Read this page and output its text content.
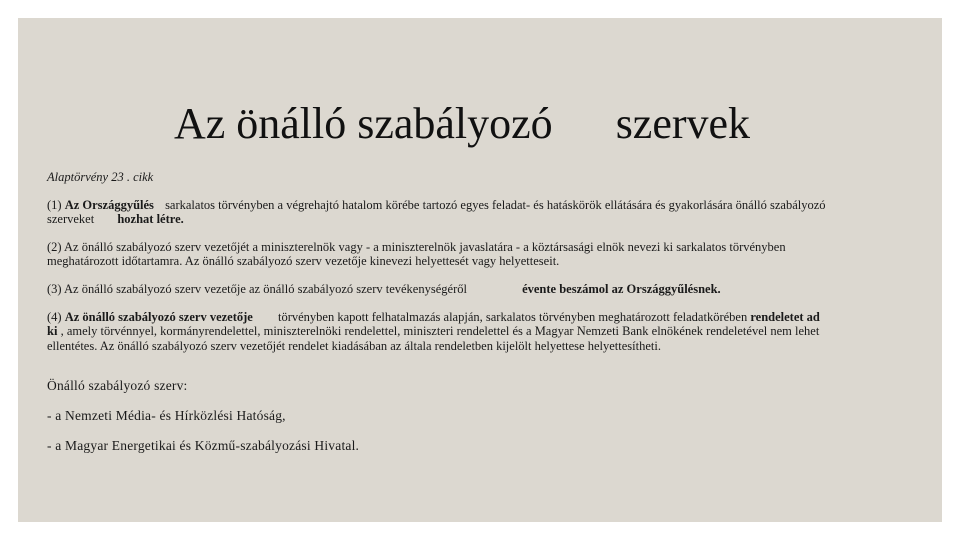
Az önálló szabályozó szervek
Alaptörvény 23 . cikk
(1) Az Országgyűlés sarkalatos törvényben a végrehajtó hatalom körébe tartozó egyes feladat- és hatáskörök ellátására és gyakorlására önálló szabályozó szerveket hozhat létre.
(2) Az önálló szabályozó szerv vezetőjét a miniszterelnök vagy - a miniszterelnök javaslatára - a köztársasági elnök nevezi ki sarkalatos törvényben meghatározott időtartamra. Az önálló szabályozó szerv vezetője kinevezi helyettesét vagy helyetteseit.
(3) Az önálló szabályozó szerv vezetője az önálló szabályozó szerv tevékenységéről	évente beszámol az Országgyűlésnek.
(4) Az önálló szabályozó szerv vezetője törvényben kapott felhatalmazás alapján, sarkalatos törvényben meghatározott feladatkörében rendeletet ad ki , amely törvénnyel, kormányrendelettel, miniszterelnöki rendelettel, miniszteri rendelettel és a Magyar Nemzeti Bank elnökének rendeletével nem lehet ellentétes. Az önálló szabályozó szerv vezetőjét rendelet kiadásában az általa rendeletben kijelölt helyettese helyettesítheti.
Önálló szabályozó szerv:
- a Nemzeti Média- és Hírközlési Hatóság,
- a Magyar Energetikai és Közmű-szabályozási Hivatal.
